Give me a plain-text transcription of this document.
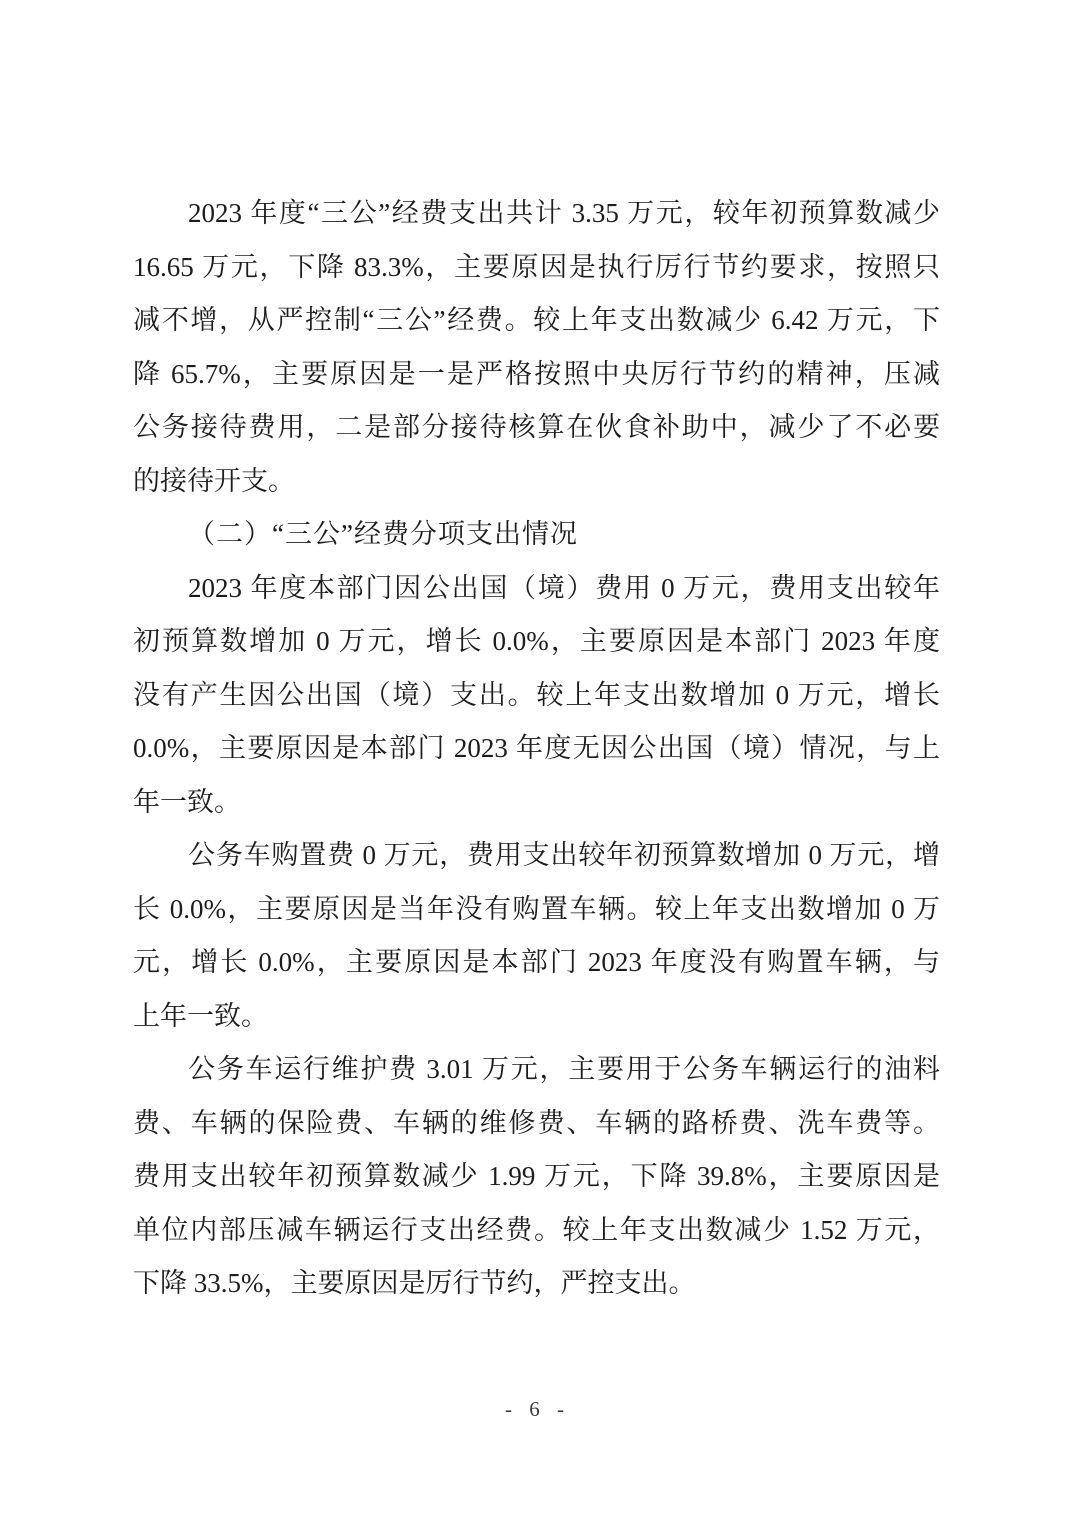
2023 年度“三公”经费支出共计 3.35 万元，较年初预算数减少
16.65 万元，下降 83.3%，主要原因是执行厉行节约要求，按照只
减不增，从严控制“三公”经费。较上年支出数减少 6.42 万元，下
降 65.7%，主要原因是一是严格按照中央厉行节约的精神，压减
公务接待费用，二是部分接待核算在伙食补助中，减少了不必要
的接待开支。
（二）“三公”经费分项支出情况
2023 年度本部门因公出国（境）费用 0 万元，费用支出较年
初预算数增加 0 万元，增长 0.0%，主要原因是本部门 2023 年度
没有产生因公出国（境）支出。较上年支出数增加 0 万元，增长
0.0%，主要原因是本部门 2023 年度无因公出国（境）情况，与上
年一致。
公务车购置费 0 万元，费用支出较年初预算数增加 0 万元，增
长 0.0%，主要原因是当年没有购置车辆。较上年支出数增加 0 万
元，增长 0.0%，主要原因是本部门 2023 年度没有购置车辆，与
上年一致。
公务车运行维护费 3.01 万元，主要用于公务车辆运行的油料
费、车辆的保险费、车辆的维修费、车辆的路桥费、洗车费等。
费用支出较年初预算数减少 1.99 万元，下降 39.8%，主要原因是
单位内部压减车辆运行支出经费。较上年支出数减少 1.52 万元，
下降 33.5%，主要原因是厉行节约，严控支出。
- 6 -
